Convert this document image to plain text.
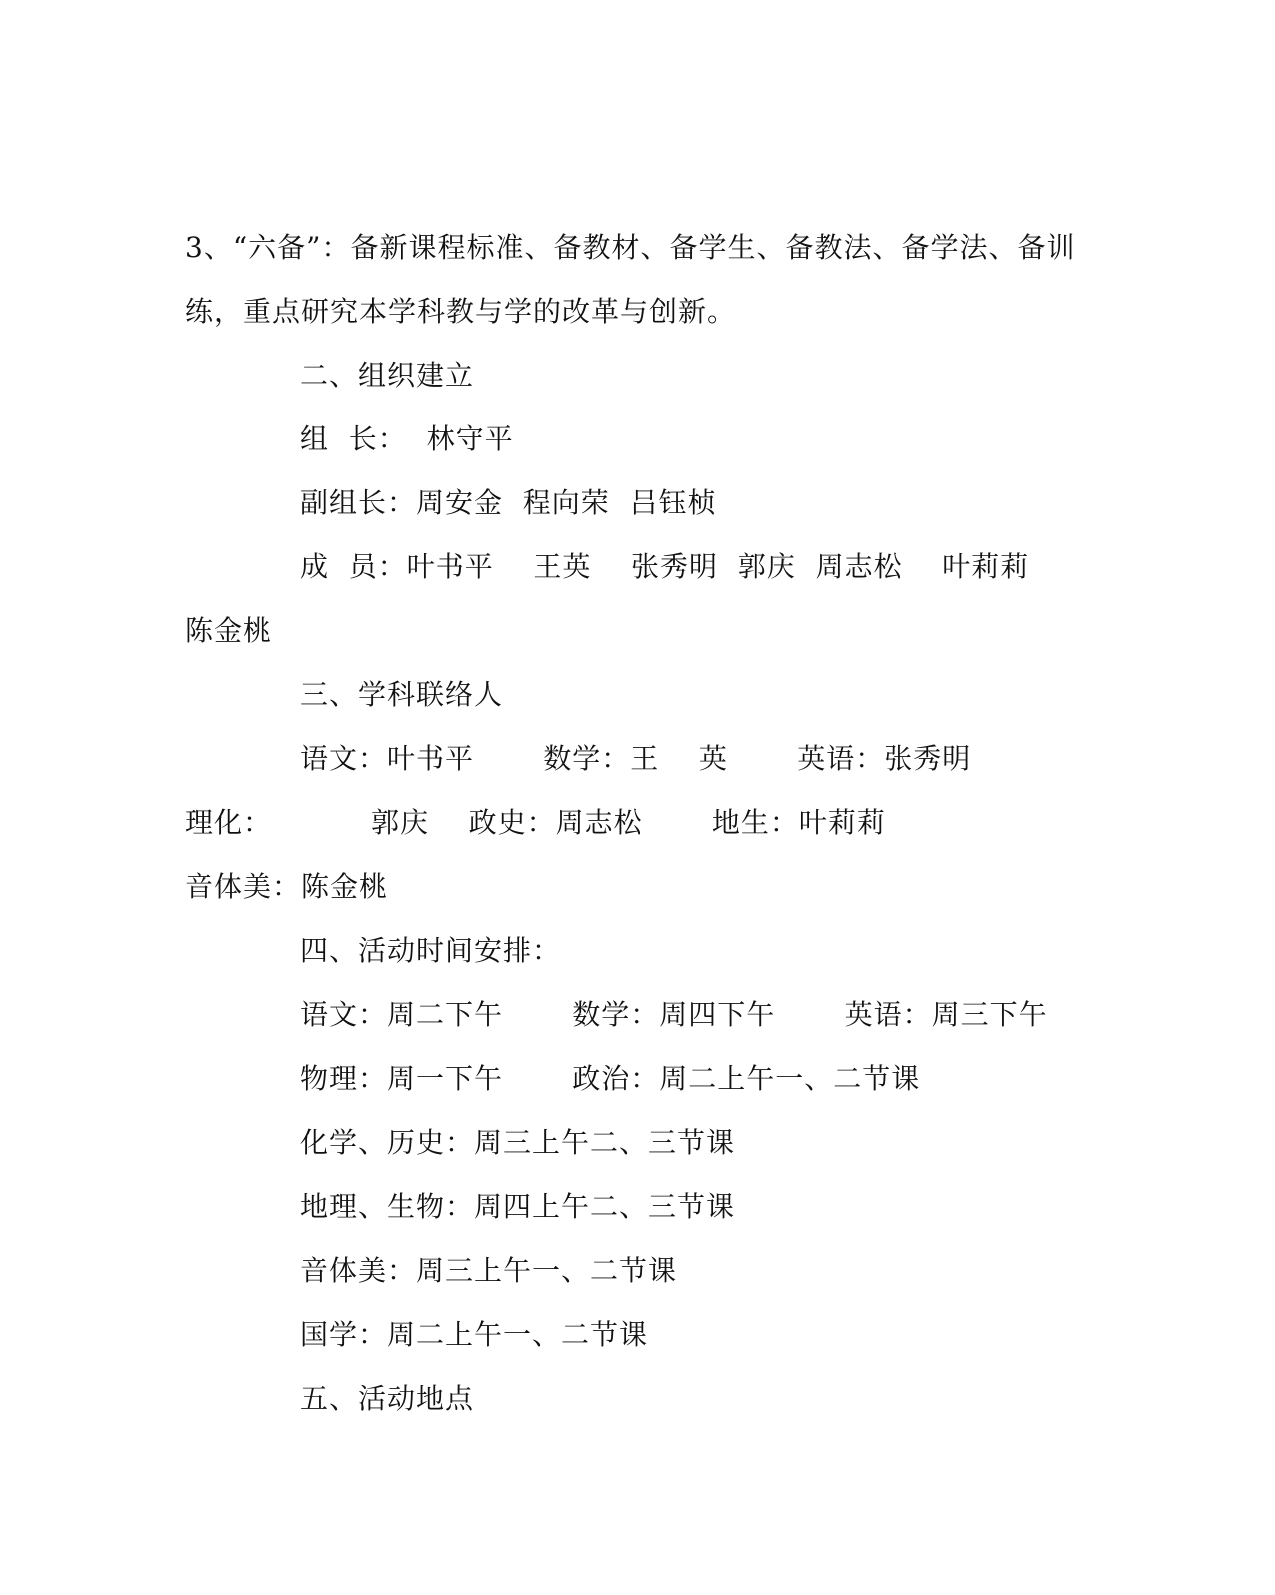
3、“六备”：备新课程标准、备教材、备学生、备教法、备学法、备训
练，重点研究本学科教与学的改革与创新。
二、组织建立
组  长：  林守平
副组长：周安金  程向荣  吕钰桢
成  员：叶书平    王英    张秀明  郭庆  周志松    叶莉莉
陈金桃
三、学科联络人
语文：叶书平       数学：王    英       英语：张秀明
理化：          郭庆    政史：周志松       地生：叶莉莉
音体美：陈金桃
四、活动时间安排：
语文：周二下午       数学：周四下午       英语：周三下午
物理：周一下午       政治：周二上午一、二节课
化学、历史：周三上午二、三节课
地理、生物：周四上午二、三节课
音体美：周三上午一、二节课
国学：周二上午一、二节课
五、活动地点
